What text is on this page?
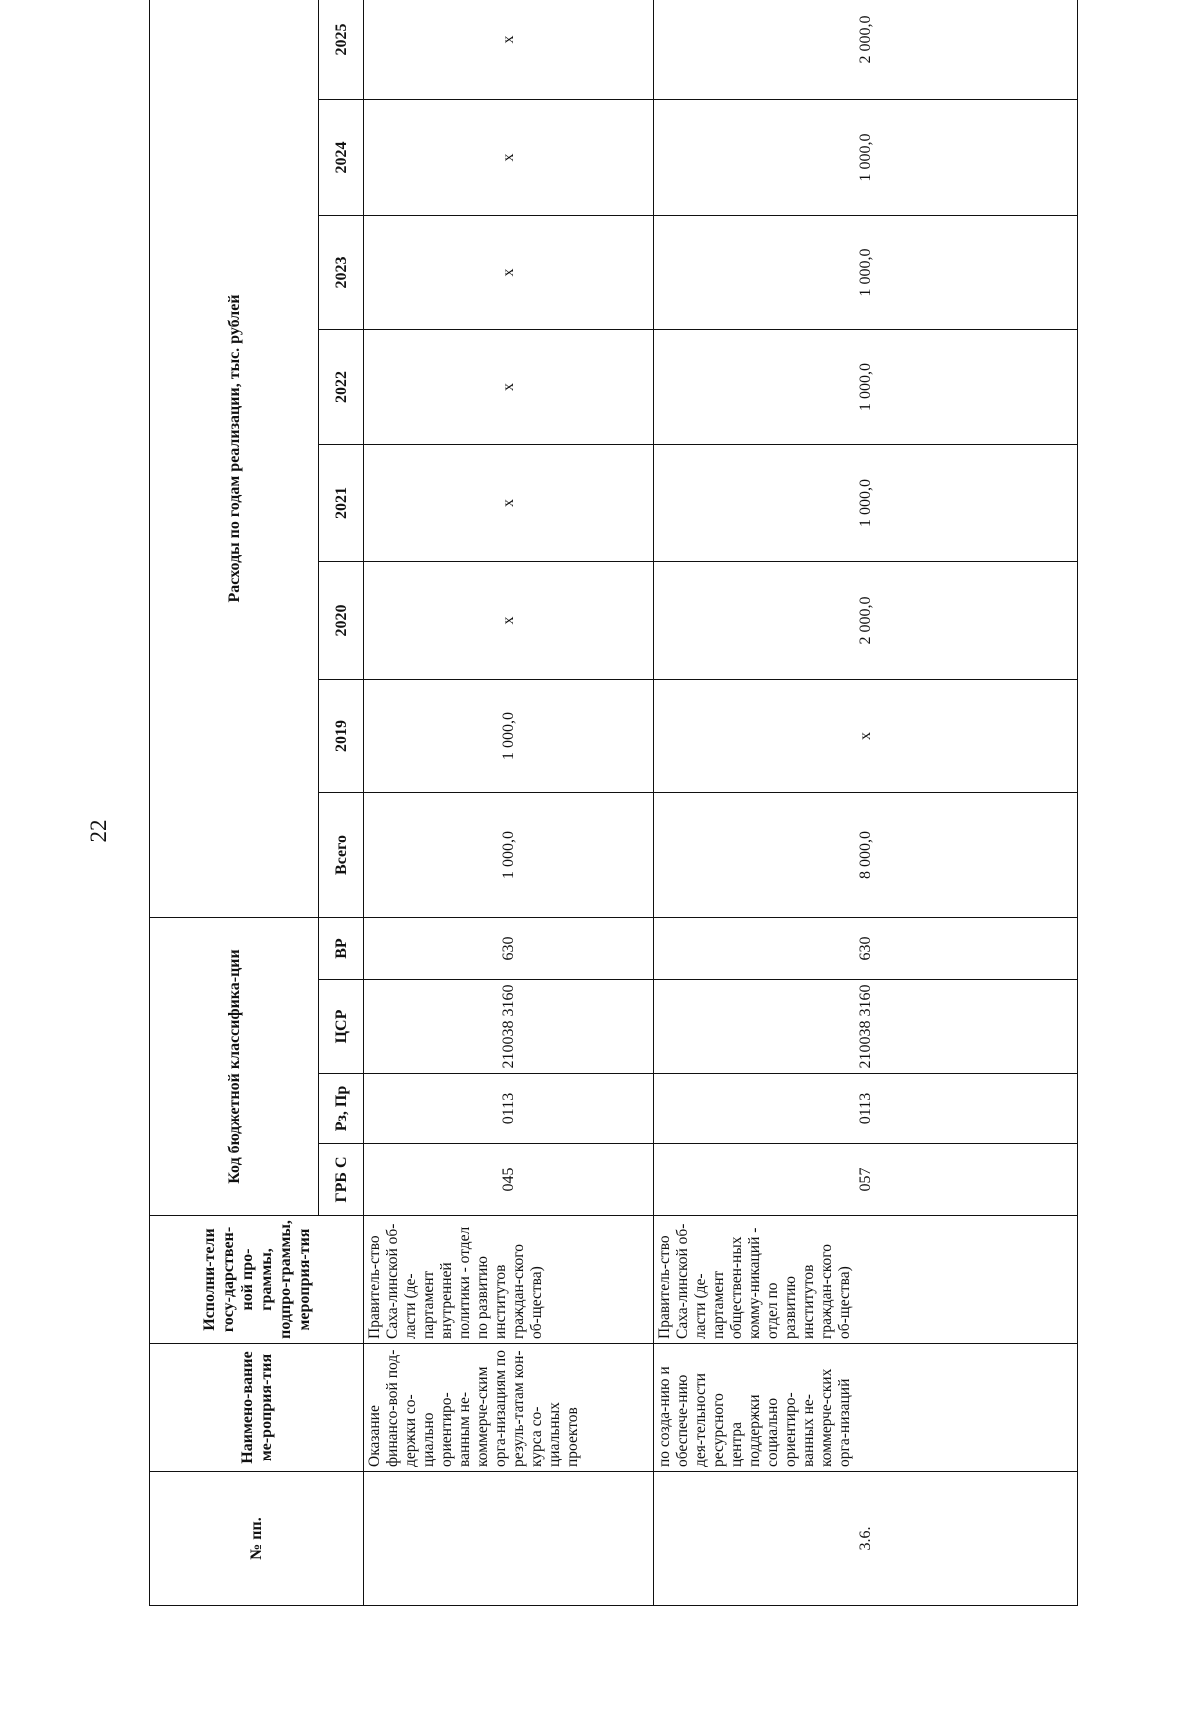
22
№ пп.	Наимено-вание ме-роприя-тия	Исполни-тели госу-дарствен-ной про-граммы, подпро-граммы, мероприя-тия	Код бюджетной классифика-ции				Расходы по годам реализации, тыс. рублей							
			ГРБ С	Рз, Пр	ЦСР	ВР	Всего	2019	2020	2021	2022	2023	2024	2025
	Оказание финансо-вой под-держки со-циально ориентиро-ванным не-коммерче-ским орга-низациям по резуль-татам кон-курса со-циальных проектов	Правитель-ство Саха-линской об-ласти (де-партамент внутренней политики - отдел по развитию институтов граждан-ского об-щества)	045	0113	210038 3160	630	1 000,0	1 000,0	x	x	x	x	x	x
3.6.	по созда-нию и обеспече-нию дея-тельности ресурсного центра поддержки социально ориентиро-ванных не-коммерче-ских орга-низаций	Правитель-ство Саха-линской об-ласти (де-партамент обществен-ных комму-никаций - отдел по развитию институтов граждан-ского об-щества)	057	0113	210038 3160	630	8 000,0	x	2 000,0	1 000,0	1 000,0	1 000,0	1 000,0	2 000,0
